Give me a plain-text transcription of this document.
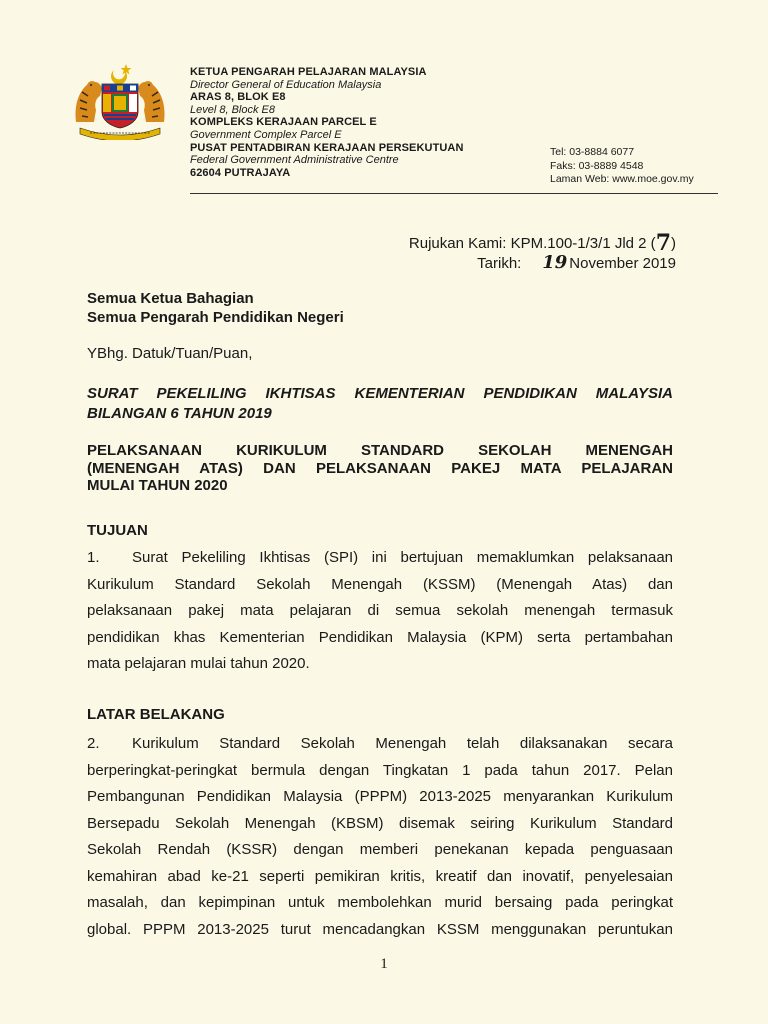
KETUA PENGARAH PELAJARAN MALAYSIA
Director General of Education Malaysia
ARAS 8, BLOK E8
Level 8, Block E8
KOMPLEKS KERAJAAN PARCEL E
Government Complex Parcel E
PUSAT PENTADBIRAN KERAJAAN PERSEKUTUAN
Federal Government Administrative Centre
62604 PUTRAJAYA
Tel: 03-8884 6077
Faks: 03-8889 4548
Laman Web: www.moe.gov.my
Rujukan Kami: KPM.100-1/3/1 Jld 2 (7)
Tarikh: 19 November 2019
Semua Ketua Bahagian
Semua Pengarah Pendidikan Negeri
YBhg. Datuk/Tuan/Puan,
SURAT PEKELILING IKHTISAS KEMENTERIAN PENDIDIKAN MALAYSIA
BILANGAN 6 TAHUN 2019
PELAKSANAAN KURIKULUM STANDARD SEKOLAH MENENGAH
(MENENGAH ATAS) DAN PELAKSANAAN PAKEJ MATA PELAJARAN
MULAI TAHUN 2020
TUJUAN
1. Surat Pekeliling Ikhtisas (SPI) ini bertujuan memaklumkan pelaksanaan
Kurikulum Standard Sekolah Menengah (KSSM) (Menengah Atas) dan
pelaksanaan pakej mata pelajaran di semua sekolah menengah termasuk
pendidikan khas Kementerian Pendidikan Malaysia (KPM) serta pertambahan
mata pelajaran mulai tahun 2020.
LATAR BELAKANG
2. Kurikulum Standard Sekolah Menengah telah dilaksanakan secara
berperingkat-peringkat bermula dengan Tingkatan 1 pada tahun 2017. Pelan
Pembangunan Pendidikan Malaysia (PPPM) 2013-2025 menyarankan Kurikulum
Bersepadu Sekolah Menengah (KBSM) disemak seiring Kurikulum Standard
Sekolah Rendah (KSSR) dengan memberi penekanan kepada penguasaan
kemahiran abad ke-21 seperti pemikiran kritis, kreatif dan inovatif, penyelesaian
masalah, dan kepimpinan untuk membolehkan murid bersaing pada peringkat
global. PPPM 2013-2025 turut mencadangkan KSSM menggunakan peruntukan
1
